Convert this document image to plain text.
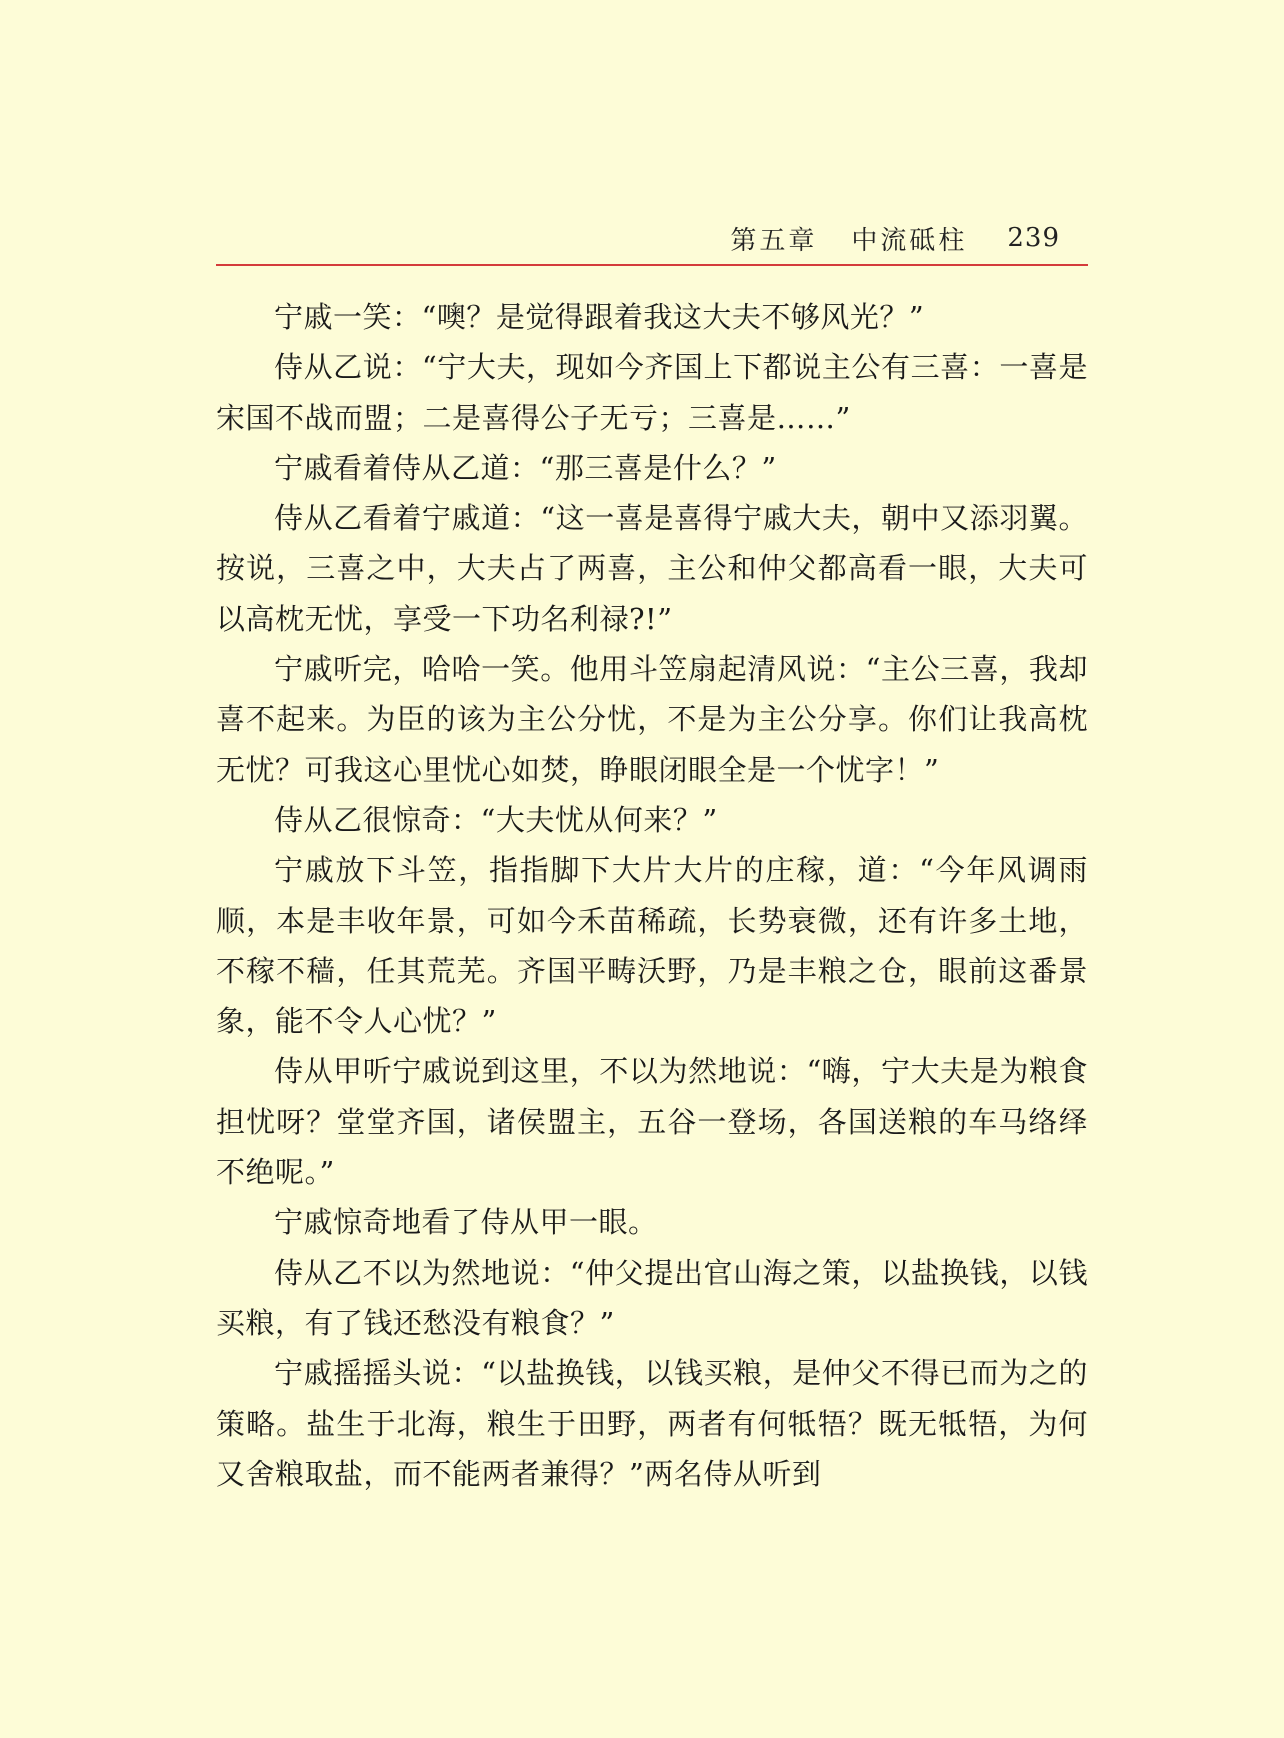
第五章 中流砥柱 239

宁戚一笑：“噢？是觉得跟着我这大夫不够风光？”

侍从乙说：“宁大夫，现如今齐国上下都说主公有三喜：一喜是宋国不战而盟；二是喜得公子无亏；三喜是……”

宁戚看着侍从乙道：“那三喜是什么？”

侍从乙看着宁戚道：“这一喜是喜得宁戚大夫，朝中又添羽翼。按说，三喜之中，大夫占了两喜，主公和仲父都高看一眼，大夫可以高枕无忧，享受一下功名利禄?!”

宁戚听完，哈哈一笑。他用斗笠扇起清风说：“主公三喜，我却喜不起来。为臣的该为主公分忧，不是为主公分享。你们让我高枕无忧？可我这心里忧心如焚，睁眼闭眼全是一个忧字！”

侍从乙很惊奇：“大夫忧从何来？”

宁戚放下斗笠，指指脚下大片大片的庄稼，道：“今年风调雨顺，本是丰收年景，可如今禾苗稀疏，长势衰微，还有许多土地，不稼不穑，任其荒芜。齐国平畴沃野，乃是丰粮之仓，眼前这番景象，能不令人心忧？”

侍从甲听宁戚说到这里，不以为然地说：“嗨，宁大夫是为粮食担忧呀？堂堂齐国，诸侯盟主，五谷一登场，各国送粮的车马络绎不绝呢。”

宁戚惊奇地看了侍从甲一眼。

侍从乙不以为然地说：“仲父提出官山海之策，以盐换钱，以钱买粮，有了钱还愁没有粮食？”

宁戚摇摇头说：“以盐换钱，以钱买粮，是仲父不得已而为之的策略。盐生于北海，粮生于田野，两者有何牴牾？既无牴牾，为何又舍粮取盐，而不能两者兼得？”两名侍从听到
